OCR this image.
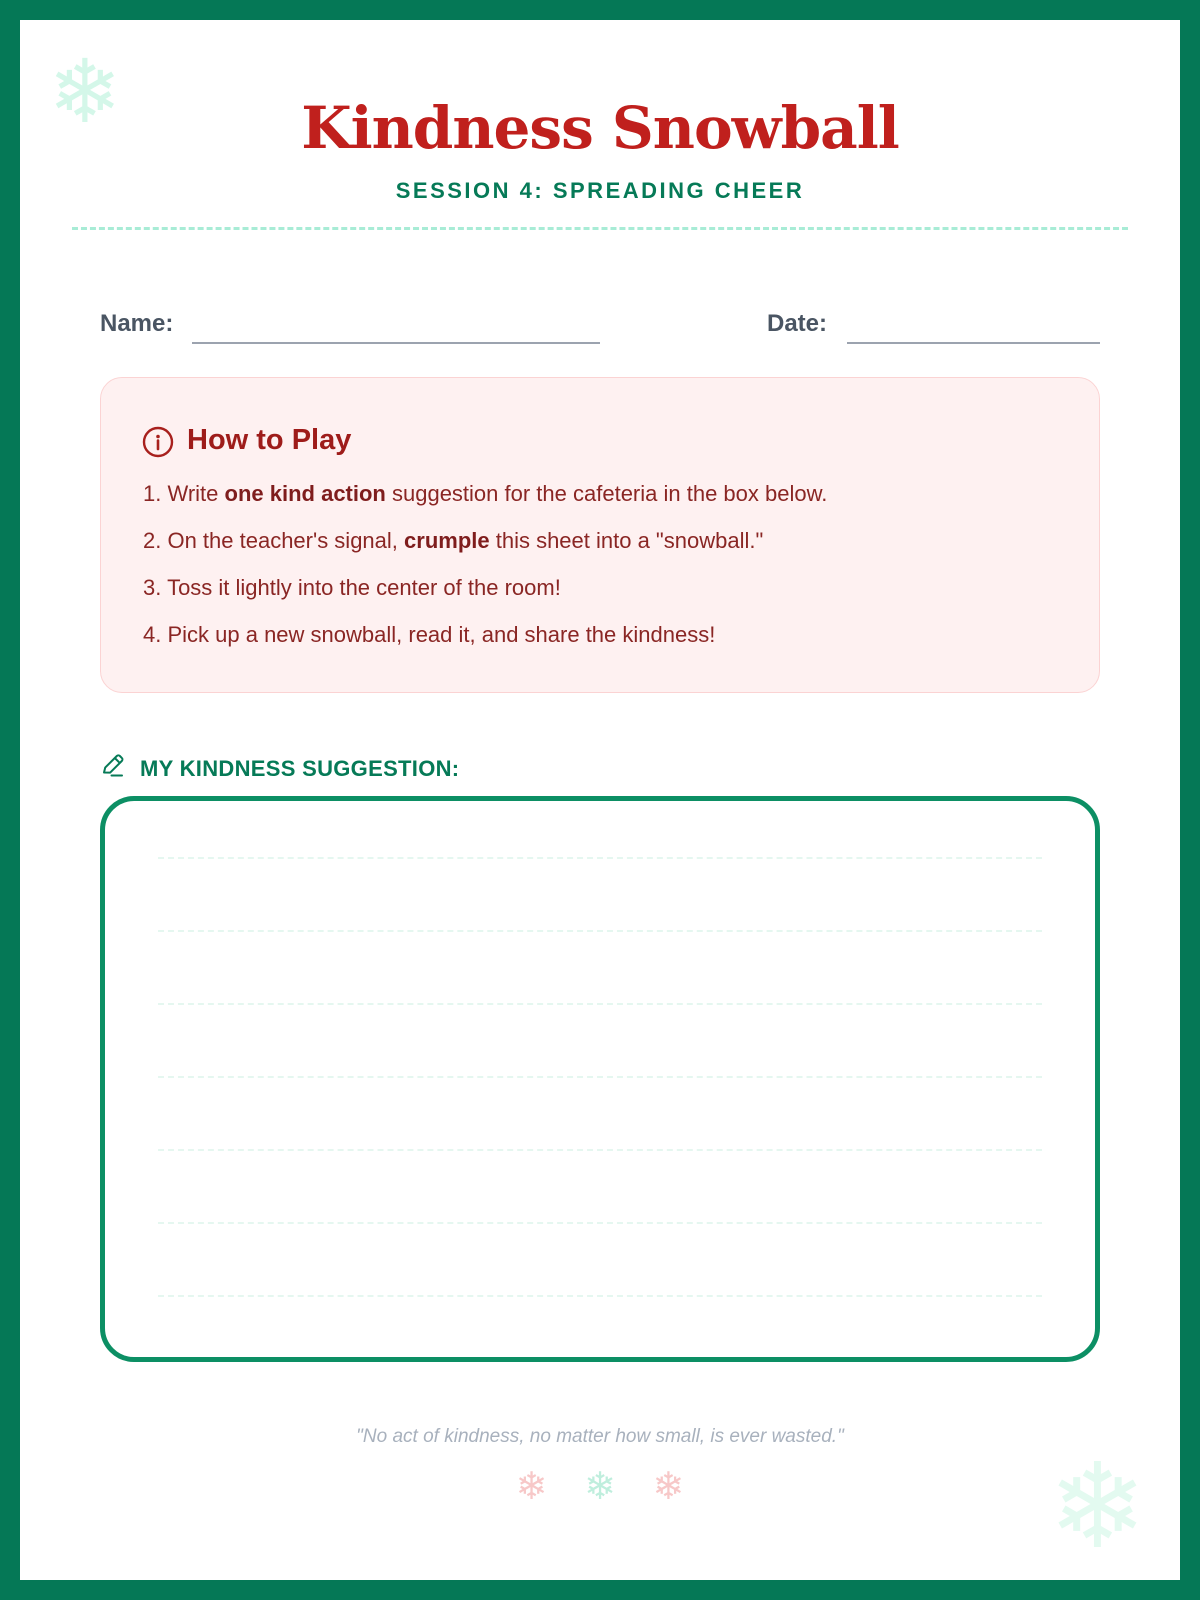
❄
❄
Kindness Snowball
SESSION 4: SPREADING CHEER
Name:	Date:
How to Play
1. Write one kind action suggestion for the cafeteria in the box below.
2. On the teacher's signal, crumple this sheet into a "snowball."
3. Toss it lightly into the center of the room!
4. Pick up a new snowball, read it, and share the kindness!
MY KINDNESS SUGGESTION:
"No act of kindness, no matter how small, is ever wasted."
❄ ❄ ❄
